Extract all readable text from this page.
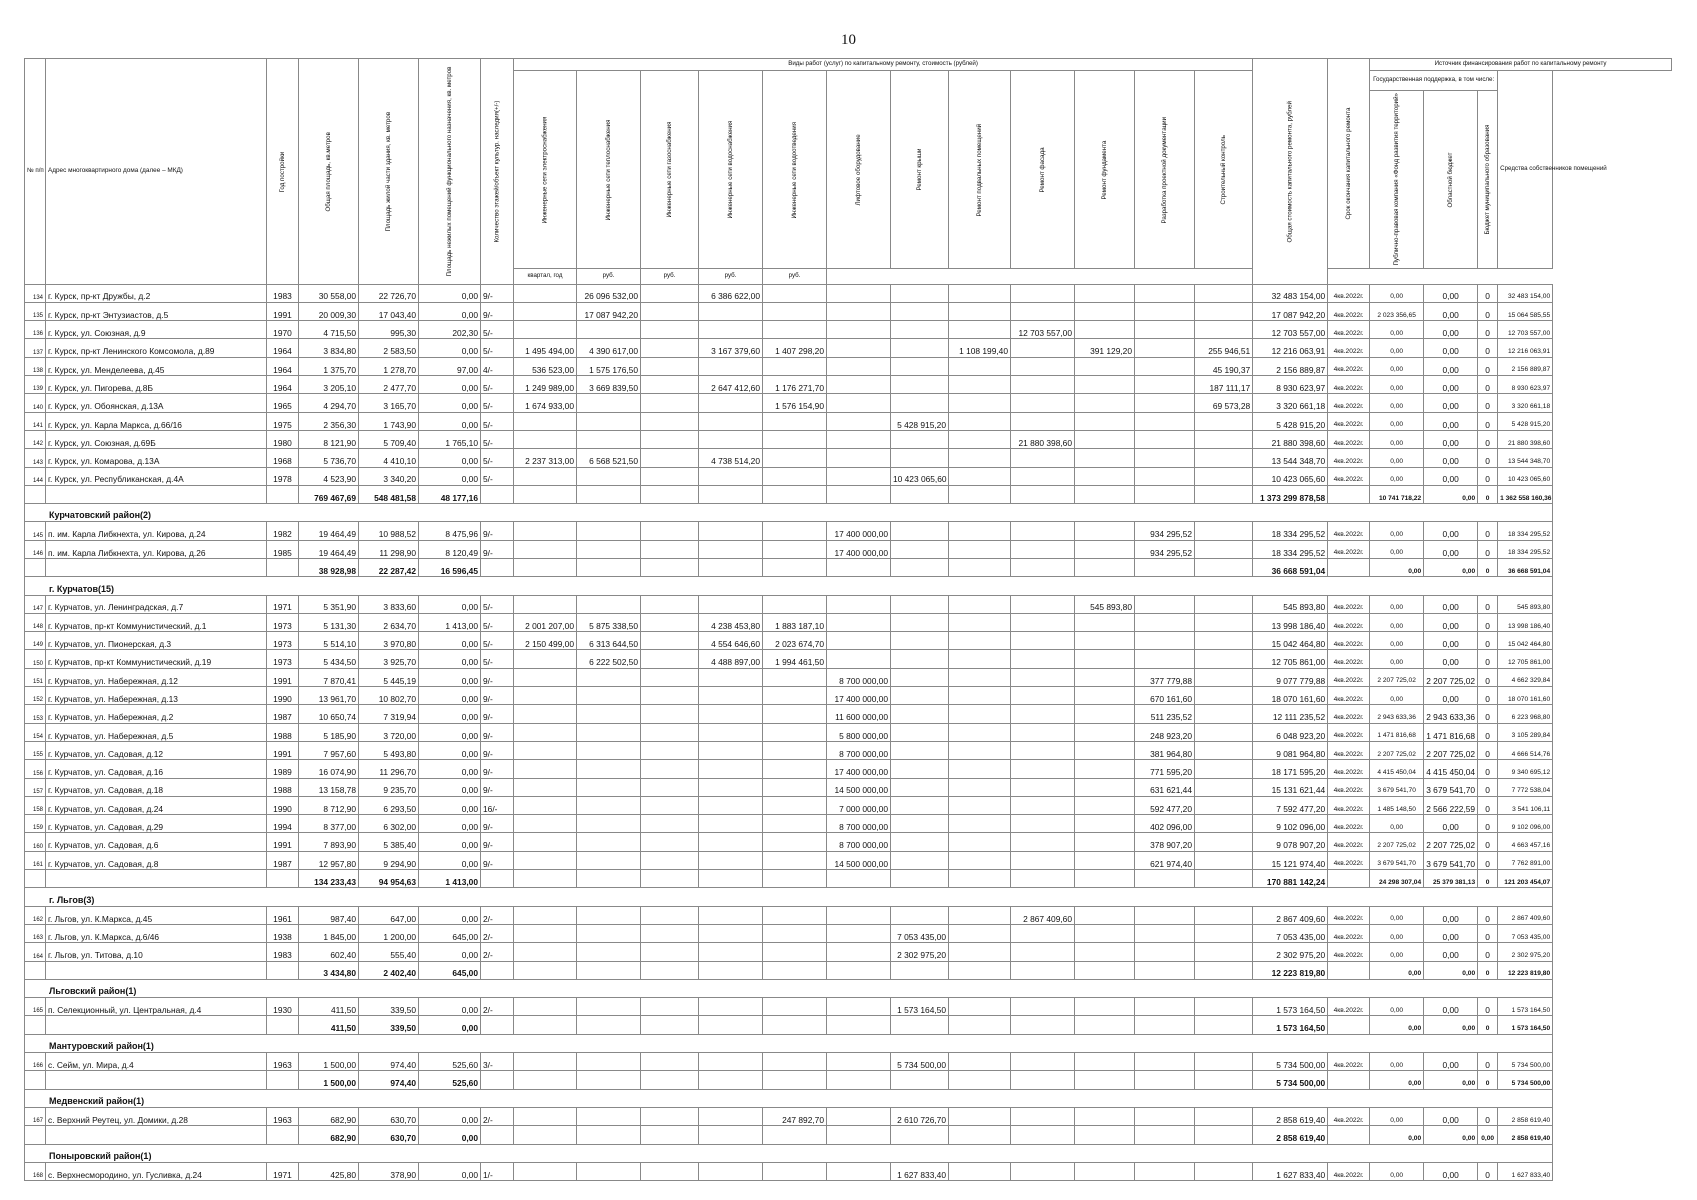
10
№ п/п	Адрес многоквартирного дома (далее – МКД)	Год постройки	Общая площадь, кв.метров	Площадь жилой части здания, кв. метров	Площадь нежилых помещений функционального назначения, кв. метров	Количество этажей/объект культур. наследия(+/-)	Виды работ (услуг) по капитальному ремонту, стоимость (рублей)												Общая стоимость капитального ремонта, рублей	Срок окончания капитального ремонта	Источник финансирования работ по капитальному ремонту			
							Инженерные сети электроснабжения	Инженерные сети теплоснабжения	Инженерные сети газоснабжения	Инженерные сети водоснабжения	Инженерные сети водоотведения	Лифтовое оборудование	Ремонт крыши	Ремонт подвальных помещений	Ремонт фасада	Ремонт фундамента	Разработка проектной документации	Строительный контроль			Государственная поддержка, в том числе:			Средства собственников помещений
																					Публично-правовая компания «Фонд развития территорий»	Областной бюджет	Бюджет муниципального образования	
							квартал, год	руб.	руб.	руб.	руб.													
134	г. Курск, пр-кт Дружбы, д.2	1983	30 558,00	22 726,70	0,00	9/-		26 096 532,00		6 386 622,00									32 483 154,00	4кв.2022г.	0,00	0,00	0	32 483 154,00
135	г. Курск, пр-кт Энтузиастов, д.5	1991	20 009,30	17 043,40	0,00	9/-		17 087 942,20											17 087 942,20	4кв.2022г.	2 023 356,65	0,00	0	15 064 585,55
136	г. Курск, ул. Союзная, д.9	1970	4 715,50	995,30	202,30	5/-									12 703 557,00				12 703 557,00	4кв.2022г.	0,00	0,00	0	12 703 557,00
137	г. Курск, пр-кт Ленинского Комсомола, д.89	1964	3 834,80	2 583,50	0,00	5/-	1 495 494,00	4 390 617,00		3 167 379,60	1 407 298,20			1 108 199,40		391 129,20		255 946,51	12 216 063,91	4кв.2022г.	0,00	0,00	0	12 216 063,91
138	г. Курск, ул. Менделеева, д.45	1964	1 375,70	1 278,70	97,00	4/-	536 523,00	1 575 176,50										45 190,37	2 156 889,87	4кв.2022г.	0,00	0,00	0	2 156 889,87
139	г. Курск, ул. Пигорева, д.8Б	1964	3 205,10	2 477,70	0,00	5/-	1 249 989,00	3 669 839,50		2 647 412,60	1 176 271,70							187 111,17	8 930 623,97	4кв.2022г.	0,00	0,00	0	8 930 623,97
140	г. Курск, ул. Обоянская, д.13А	1965	4 294,70	3 165,70	0,00	5/-	1 674 933,00				1 576 154,90							69 573,28	3 320 661,18	4кв.2022г.	0,00	0,00	0	3 320 661,18
141	г. Курск, ул. Карла Маркса, д.66/16	1975	2 356,30	1 743,90	0,00	5/-							5 428 915,20						5 428 915,20	4кв.2022г.	0,00	0,00	0	5 428 915,20
142	г. Курск, ул. Союзная, д.69Б	1980	8 121,90	5 709,40	1 765,10	5/-									21 880 398,60				21 880 398,60	4кв.2022г.	0,00	0,00	0	21 880 398,60
143	г. Курск, ул. Комарова, д.13А	1968	5 736,70	4 410,10	0,00	5/-	2 237 313,00	6 568 521,50		4 738 514,20									13 544 348,70	4кв.2022г.	0,00	0,00	0	13 544 348,70
144	г. Курск, ул. Республиканская, д.4А	1978	4 523,90	3 340,20	0,00	5/-							10 423 065,60						10 423 065,60	4кв.2022г.	0,00	0,00	0	10 423 065,60
			769 467,69	548 481,58	48 177,16														1 373 299 878,58		10 741 718,22	0,00	0	1 362 558 160,36
Курчатовский район(2)																								
145	п. им. Карла Либкнехта, ул. Кирова, д.24	1982	19 464,49	10 988,52	8 475,96	9/-						17 400 000,00					934 295,52		18 334 295,52	4кв.2022г.	0,00	0,00	0	18 334 295,52
146	п. им. Карла Либкнехта, ул. Кирова, д.26	1985	19 464,49	11 298,90	8 120,49	9/-						17 400 000,00					934 295,52		18 334 295,52	4кв.2022г.	0,00	0,00	0	18 334 295,52
			38 928,98	22 287,42	16 596,45														36 668 591,04		0,00	0,00	0	36 668 591,04
г. Курчатов(15)																								
147	г. Курчатов, ул. Ленинградская, д.7	1971	5 351,90	3 833,60	0,00	5/-										545 893,80			545 893,80	4кв.2022г.	0,00	0,00	0	545 893,80
148	г. Курчатов, пр-кт Коммунистический, д.1	1973	5 131,30	2 634,70	1 413,00	5/-	2 001 207,00	5 875 338,50		4 238 453,80	1 883 187,10								13 998 186,40	4кв.2022г.	0,00	0,00	0	13 998 186,40
149	г. Курчатов, ул. Пионерская, д.3	1973	5 514,10	3 970,80	0,00	5/-	2 150 499,00	6 313 644,50		4 554 646,60	2 023 674,70								15 042 464,80	4кв.2022г.	0,00	0,00	0	15 042 464,80
150	г. Курчатов, пр-кт Коммунистический, д.19	1973	5 434,50	3 925,70	0,00	5/-		6 222 502,50		4 488 897,00	1 994 461,50								12 705 861,00	4кв.2022г.	0,00	0,00	0	12 705 861,00
151	г. Курчатов, ул. Набережная, д.12	1991	7 870,41	5 445,19	0,00	9/-						8 700 000,00					377 779,88		9 077 779,88	4кв.2022г.	2 207 725,02	2 207 725,02	0	4 662 329,84
152	г. Курчатов, ул. Набережная, д.13	1990	13 961,70	10 802,70	0,00	9/-						17 400 000,00					670 161,60		18 070 161,60	4кв.2022г.	0,00	0,00	0	18 070 161,60
153	г. Курчатов, ул. Набережная, д.2	1987	10 650,74	7 319,94	0,00	9/-						11 600 000,00					511 235,52		12 111 235,52	4кв.2022г.	2 943 633,36	2 943 633,36	0	6 223 968,80
154	г. Курчатов, ул. Набережная, д.5	1988	5 185,90	3 720,00	0,00	9/-						5 800 000,00					248 923,20		6 048 923,20	4кв.2022г.	1 471 816,68	1 471 816,68	0	3 105 289,84
155	г. Курчатов, ул. Садовая, д.12	1991	7 957,60	5 493,80	0,00	9/-						8 700 000,00					381 964,80		9 081 964,80	4кв.2022г.	2 207 725,02	2 207 725,02	0	4 666 514,76
156	г. Курчатов, ул. Садовая, д.16	1989	16 074,90	11 296,70	0,00	9/-						17 400 000,00					771 595,20		18 171 595,20	4кв.2022г.	4 415 450,04	4 415 450,04	0	9 340 695,12
157	г. Курчатов, ул. Садовая, д.18	1988	13 158,78	9 235,70	0,00	9/-						14 500 000,00					631 621,44		15 131 621,44	4кв.2022г.	3 679 541,70	3 679 541,70	0	7 772 538,04
158	г. Курчатов, ул. Садовая, д.24	1990	8 712,90	6 293,50	0,00	16/-						7 000 000,00					592 477,20		7 592 477,20	4кв.2022г.	1 485 148,50	2 566 222,59	0	3 541 106,11
159	г. Курчатов, ул. Садовая, д.29	1994	8 377,00	6 302,00	0,00	9/-						8 700 000,00					402 096,00		9 102 096,00	4кв.2022г.	0,00	0,00	0	9 102 096,00
160	г. Курчатов, ул. Садовая, д.6	1991	7 893,90	5 385,40	0,00	9/-						8 700 000,00					378 907,20		9 078 907,20	4кв.2022г.	2 207 725,02	2 207 725,02	0	4 663 457,16
161	г. Курчатов, ул. Садовая, д.8	1987	12 957,80	9 294,90	0,00	9/-						14 500 000,00					621 974,40		15 121 974,40	4кв.2022г.	3 679 541,70	3 679 541,70	0	7 762 891,00
			134 233,43	94 954,63	1 413,00														170 881 142,24		24 298 307,04	25 379 381,13	0	121 203 454,07
г. Льгов(3)																								
162	г. Льгов, ул. К.Маркса, д.45	1961	987,40	647,00	0,00	2/-									2 867 409,60				2 867 409,60	4кв.2022г.	0,00	0,00	0	2 867 409,60
163	г. Льгов, ул. К.Маркса, д.6/46	1938	1 845,00	1 200,00	645,00	2/-							7 053 435,00						7 053 435,00	4кв.2022г.	0,00	0,00	0	7 053 435,00
164	г. Льгов, ул. Титова, д.10	1983	602,40	555,40	0,00	2/-							2 302 975,20						2 302 975,20	4кв.2022г.	0,00	0,00	0	2 302 975,20
			3 434,80	2 402,40	645,00														12 223 819,80		0,00	0,00	0	12 223 819,80
Льговский район(1)																								
165	п. Селекционный, ул. Центральная, д.4	1930	411,50	339,50	0,00	2/-							1 573 164,50						1 573 164,50	4кв.2022г.	0,00	0,00	0	1 573 164,50
			411,50	339,50	0,00														1 573 164,50		0,00	0,00	0	1 573 164,50
Мантуровский район(1)																								
166	с. Сейм, ул. Мира, д.4	1963	1 500,00	974,40	525,60	3/-							5 734 500,00						5 734 500,00	4кв.2022г.	0,00	0,00	0	5 734 500,00
			1 500,00	974,40	525,60														5 734 500,00		0,00	0,00	0	5 734 500,00
Медвенский район(1)																								
167	с. Верхний Реутец, ул. Домики, д.28	1963	682,90	630,70	0,00	2/-					247 892,70		2 610 726,70						2 858 619,40	4кв.2022г.	0,00	0,00	0	2 858 619,40
			682,90	630,70	0,00														2 858 619,40		0,00	0,00	0,00	2 858 619,40
Поныровский район(1)																								
168	с. Верхнесмородино, ул. Гусливка, д.24	1971	425,80	378,90	0,00	1/-							1 627 833,40						1 627 833,40	4кв.2022г.	0,00	0,00	0	1 627 833,40
